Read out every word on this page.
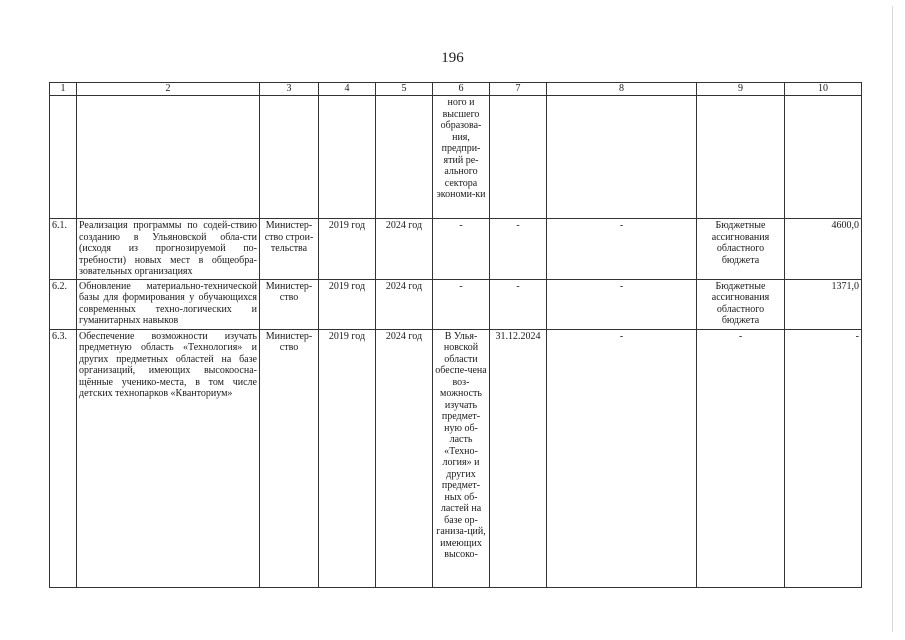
196
1	2	3	4	5	6	7	8	9	10
					ного и высшего образова-ния, предпри-ятий ре-ального сектора экономи-ки				
6.1.	Реализация программы по содей-ствию созданию в Ульяновской обла-сти (исходя из прогнозируемой по-требности) новых мест в общеобра-зовательных организациях	Министер-ство строи-тельства	2019 год	2024 год	-	-	-	Бюджетные ассигнования областного бюджета	4600,0
6.2.	Обновление материально-технической базы для формирования у обучающихся современных техно-логических и гуманитарных навыков	Министер-ство	2019 год	2024 год	-	-	-	Бюджетные ассигнования областного бюджета	1371,0
6.3.	Обеспечение возможности изучать предметную область «Технология» и других предметных областей на базе организаций, имеющих высокоосна-щённые ученико-места, в том числе детских технопарков «Кванториум»	Министер-ство	2019 год	2024 год	В Улья-новской области обеспе-чена воз-можность изучать предмет-ную об-ласть «Техно-логия» и других предмет-ных об-ластей на базе ор-ганиза-ций, имеющих высоко-	31.12.2024	-	-	-
